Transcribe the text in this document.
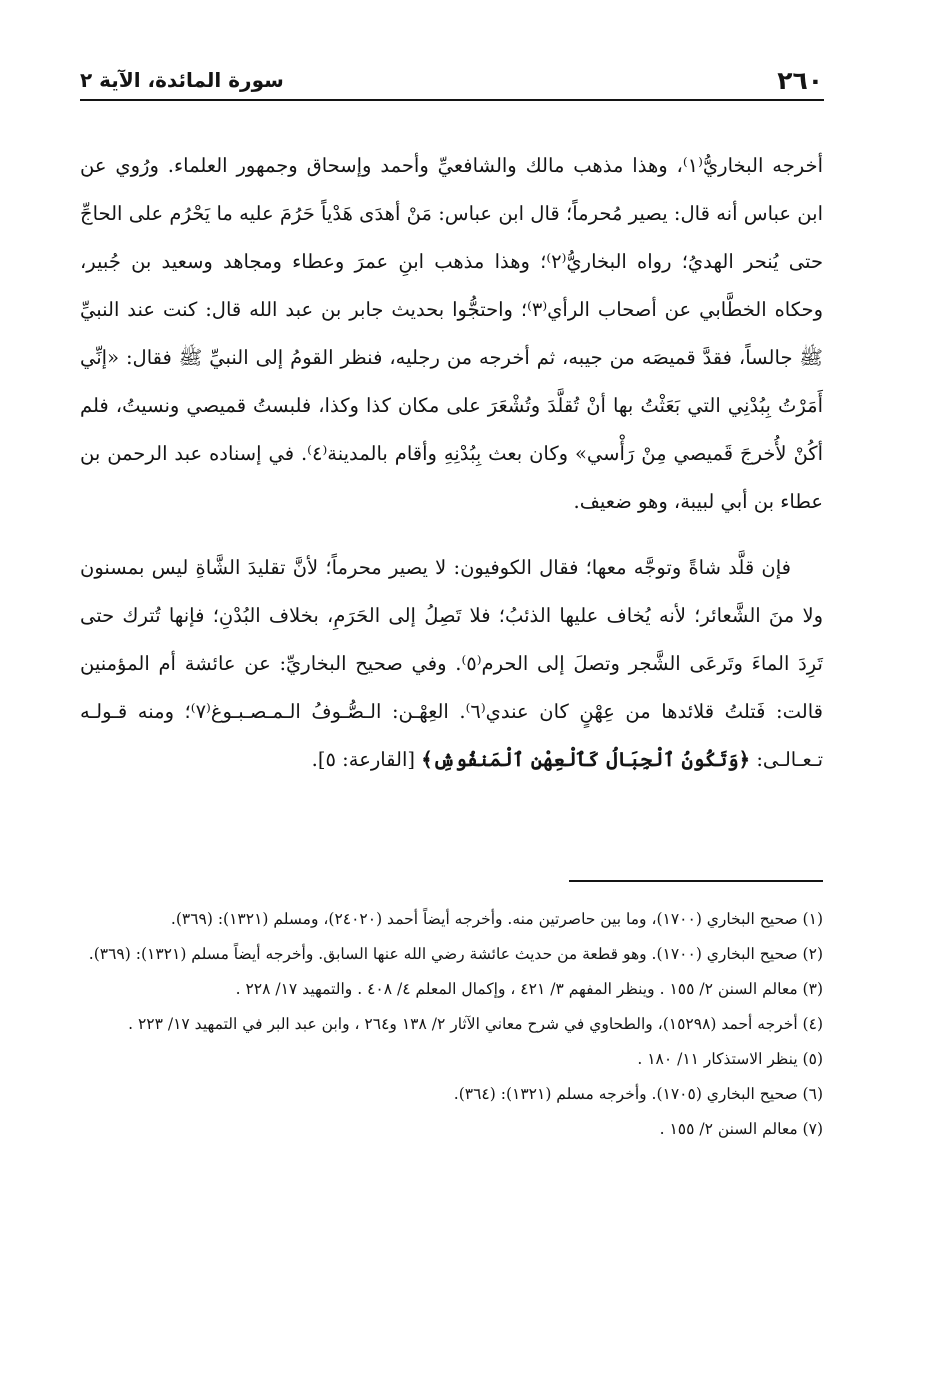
٢٦٠
سورة المائدة، الآية ٢

أخرجه البخاريُّ⁽١⁾، وهذا مذهب مالك والشافعيِّ وأحمد وإسحاق وجمهور العلماء. ورُوي عن ابن عباس أنه قال: يصير مُحرماً؛ قال ابن عباس: مَنْ أهدَى هَدْياً حَرُمَ عليه ما يَحْرُم على الحاجِّ حتى يُنحر الهديُ؛ رواه البخاريُّ⁽٢⁾؛ وهذا مذهب ابنِ عمرَ وعطاء ومجاهد وسعيد بن جُبير، وحكاه الخطَّابي عن أصحاب الرأي⁽٣⁾؛ واحتجُّوا بحديث جابر بن عبد الله قال: كنت عند النبيِّ ﷺ جالساً، فقدَّ قميصَه من جيبه، ثم أخرجه من رجليه، فنظر القومُ إلى النبيِّ ﷺ فقال: «إنِّي أَمَرْتُ بِبُدْنِي التي بَعَثْتُ بها أنْ تُقلَّدَ وتُشْعَرَ على مكان كذا وكذا، فلبستُ قميصي ونسيتُ، فلم أكُنْ لأُخرجَ قَميصي مِنْ رَأْسي» وكان بعث بِبُدْنِهِ وأقام بالمدينة⁽٤⁾. في إسناده عبد الرحمن بن عطاء بن أبي لبيبة، وهو ضعيف.

فإن قلَّد شاةً وتوجَّه معها؛ فقال الكوفيون: لا يصير محرماً؛ لأنَّ تقليدَ الشَّاةِ ليس بمسنون ولا منَ الشَّعائر؛ لأنه يُخاف عليها الذئبُ؛ فلا تَصِلُ إلى الحَرَمِ، بخلاف البُدْنِ؛ فإنها تُترك حتى تَرِدَ الماءَ وتَرعَى الشَّجر وتصلَ إلى الحرم⁽٥⁾. وفي صحيح البخاريِّ: عن عائشة أم المؤمنين قالت: فَتلتُ قلائدها من عِهْنٍ كان عندي⁽٦⁾. العِهْـن: الـصُّـوفُ الـمـصـبـوغ⁽٧⁾؛ ومنه قـولـه تـعـالـى: ﴿وَتَكُونُ ٱلْجِبَالُ كَٱلْعِهْنِ ٱلْمَنفُوشِ﴾ [القارعة: ٥].

(١) صحيح البخاري (١٧٠٠)، وما بين حاصرتين منه. وأخرجه أيضاً أحمد (٢٤٠٢٠)، ومسلم (١٣٢١): (٣٦٩).

(٢) صحيح البخاري (١٧٠٠). وهو قطعة من حديث عائشة رضي الله عنها السابق. وأخرجه أيضاً مسلم (١٣٢١): (٣٦٩).

(٣) معالم السنن ٢/ ١٥٥ . وينظر المفهم ٣/ ٤٢١ ، وإكمال المعلم ٤/ ٤٠٨ . والتمهيد ١٧/ ٢٢٨ .

(٤) أخرجه أحمد (١٥٢٩٨)، والطحاوي في شرح معاني الآثار ٢/ ١٣٨ و٢٦٤ ، وابن عبد البر في التمهيد ١٧/ ٢٢٣ .

(٥) ينظر الاستذكار ١١/ ١٨٠ .

(٦) صحيح البخاري (١٧٠٥). وأخرجه مسلم (١٣٢١): (٣٦٤).

(٧) معالم السنن ٢/ ١٥٥ .
